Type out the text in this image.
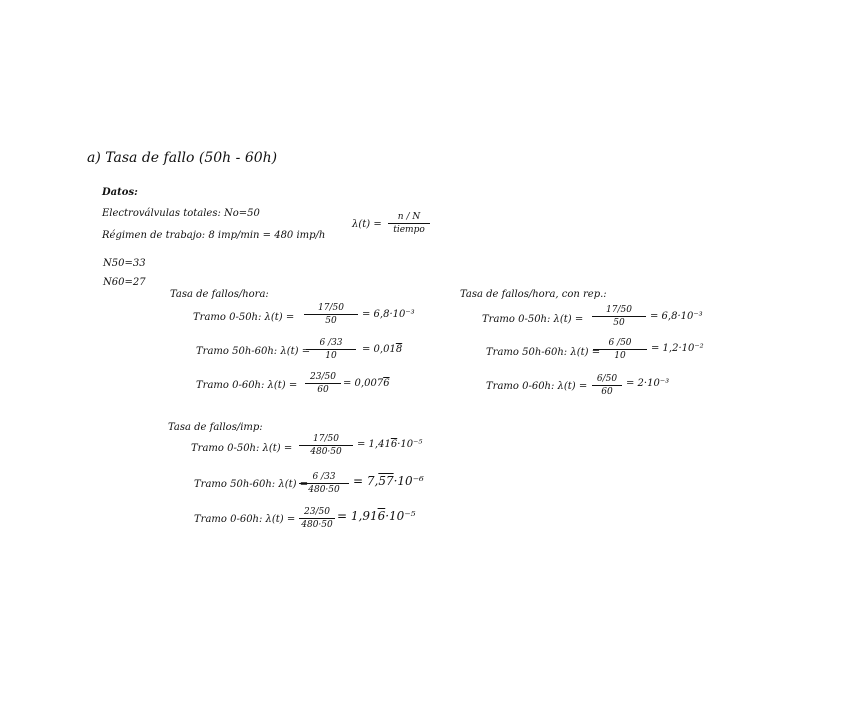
a) Tasa de fallo (50h - 60h)
Datos:
Electroválvulas totales: No=50
Régimen de trabajo: 8 imp/min = 480 imp/h
N50=33
N60=27
λ(t) =
n / N
tiempo
Tasa de fallos/hora:
Tramo 0-50h: $\lambda(t) = \frac{17/50}{50} = 6,8\cdot 10^{-3}$
Tramo 50h-60h: λ(t) =
$\frac{6 /33}{10} = 0,018$
Tramo 0-60h: $\lambda(t) = \frac{23/50}{60} = 0,0076$
Tasa de fallos/hora, con rep.:
Tramo 0-50h: $\lambda(t) = \frac{17/50}{50} = 6,8\cdot 10^{-3}$
Tramo 50h-60h: λ(t) =
$\frac{6 /50}{10} = 1,2\cdot 10^{-2}$
Tramo 0-60h: $\lambda(t) = \frac{6/50}{60} = 2\cdot 10^{-3}$
Tasa de fallos/imp:
Tramo 0-50h: $\lambda(t) = \frac{17/50}{480\cdot 50} = 1,416\cdot 10^{-5}$
Tramo 50h-60h: λ(t) =
$\frac{6 /33}{480\cdot 50} = 7,57\cdot 10^{-6}$
Tramo 0-60h: $\lambda(t) = \frac{23/50}{480\cdot 50} = 1,916\cdot 10^{-5}$
